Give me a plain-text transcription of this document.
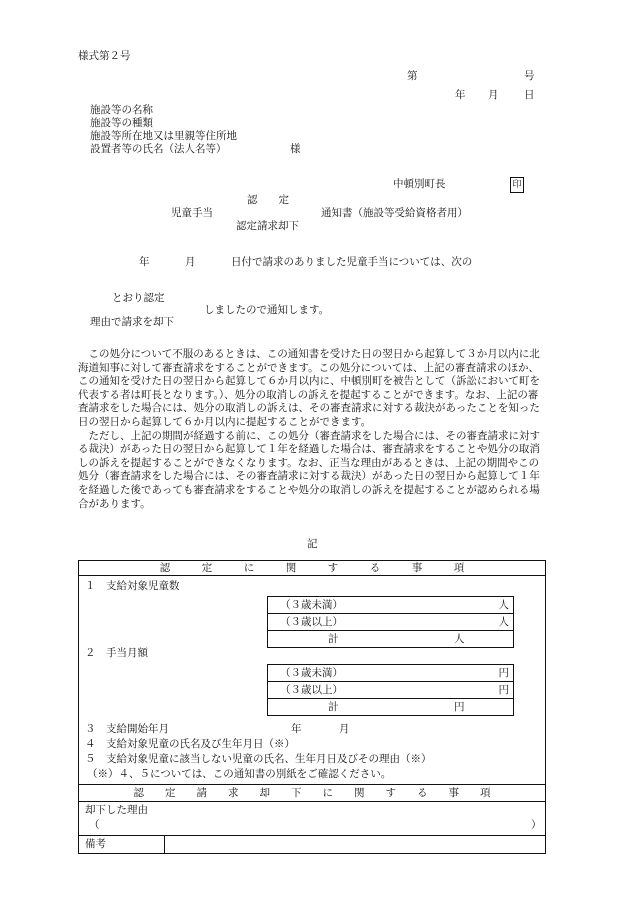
様式第２号
第	号
年 月 日
施設等の名称
施設等の種類
施設等所在地又は里親等住所地
設置者等の氏名（法人名等）	様
中頓別町長	印
認　　定
児童手当	通知書（施設等受給資格者用）
認定請求却下
年	月	日付で請求のありました児童手当については、次の
とおり認定
しましたので通知します。
理由で請求を却下

　この処分について不服のあるときは、この通知書を受けた日の翌日から起算して３か月以内に北海道知事に対して審査請求をすることができます。この処分については、上記の審査請求のほか、この通知を受けた日の翌日から起算して６か月以内に、中頓別町を被告として（訴訟において町を代表する者は町長となります。）、処分の取消しの訴えを提起することができます。なお、上記の審査請求をした場合には、処分の取消しの訴えは、その審査請求に対する裁決があったことを知った日の翌日から起算して６か月以内に提起することができます。

　ただし、上記の期間が経過する前に、この処分（審査請求をした場合には、その審査請求に対する裁決）があった日の翌日から起算して１年を経過した場合は、審査請求をすることや処分の取消しの訴えを提起することができなくなります。なお、正当な理由があるときは、上記の期間やこの処分（審査請求をした場合には、その審査請求に対する裁決）があった日の翌日から起算して１年を経過した後であっても審査請求をすることや処分の取消しの訴えを提起することが認められる場合があります。

記
認　　　定　　　に　　　関　　　す　　　る　　　事　　　項
１　支給対象児童数
（３歳未満）	人
（３歳以上）	人
計	人
２　手当月額
（３歳未満）	円
（３歳以上）	円
計	円
３　支給開始年月	年	月
４　支給対象児童の氏名及び生年月日（※）
５　支給対象児童に該当しない児童の氏名、生年月日及びその理由（※）
（※）４、５については、この通知書の別紙をご確認ください。
認　　定　　請　　求　　却　　下　　に　　関　　す　　る　　事　　項
却下した理由
（	）
備考
